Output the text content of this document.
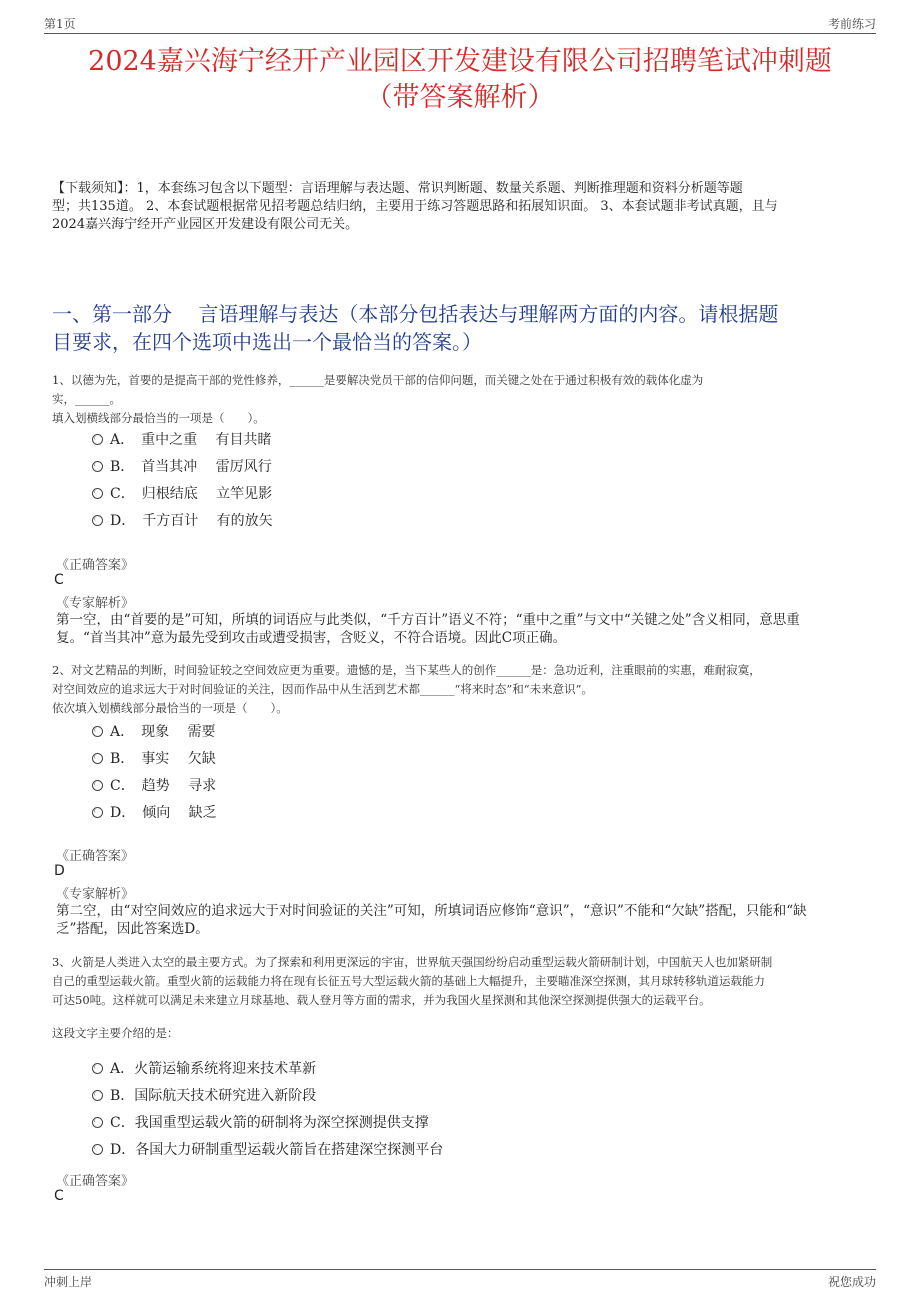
第1页	考前练习
2024嘉兴海宁经开产业园区开发建设有限公司招聘笔试冲刺题
（带答案解析）
【下载须知】：1，本套练习包含以下题型：言语理解与表达题、常识判断题、数量关系题、判断推理题和资料分析题等题
型；共135道。 2、本套试题根据常见招考题总结归纳，主要用于练习答题思路和拓展知识面。 3、本套试题非考试真题，且与
2024嘉兴海宁经开产业园区开发建设有限公司无关。
一、第一部分　 言语理解与表达（本部分包括表达与理解两方面的内容。请根据题
目要求，在四个选项中选出一个最恰当的答案。）
1、以德为先，首要的是提高干部的党性修养，______是要解决党员干部的信仰问题，而关键之处在于通过积极有效的载体化虚为
实，______。
填入划横线部分最恰当的一项是（　　）。
A．　重中之重　 有目共睹
B．　首当其冲　 雷厉风行
C．　归根结底　 立竿见影
D．　千方百计　 有的放矢
《正确答案》
C
《专家解析》
第一空，由“首要的是”可知，所填的词语应与此类似，“千方百计”语义不符；“重中之重”与文中“关键之处”含义相同，意思重
复。“首当其冲”意为最先受到攻击或遭受损害，含贬义，不符合语境。因此C项正确。
2、对文艺精品的判断，时间验证较之空间效应更为重要。遗憾的是，当下某些人的创作______是：急功近利，注重眼前的实惠，难耐寂寞，
对空间效应的追求远大于对时间验证的关注，因而作品中从生活到艺术都______“将来时态”和“未来意识”。
依次填入划横线部分最恰当的一项是（　　）。
A．　现象　 需要
B．　事实　 欠缺
C．　趋势　 寻求
D．　倾向　 缺乏
《正确答案》
D
《专家解析》
第二空，由“对空间效应的追求远大于对时间验证的关注”可知，所填词语应修饰“意识”，“意识”不能和“欠缺”搭配，只能和“缺
乏”搭配，因此答案选D。
3、火箭是人类进入太空的最主要方式。为了探索和利用更深远的宇宙，世界航天强国纷纷启动重型运载火箭研制计划，中国航天人也加紧研制
自己的重型运载火箭。重型火箭的运载能力将在现有长征五号大型运载火箭的基础上大幅提升，主要瞄准深空探测，其月球转移轨道运载能力
可达50吨。这样就可以满足未来建立月球基地、载人登月等方面的需求，并为我国火星探测和其他深空探测提供强大的运载平台。
这段文字主要介绍的是：
A．火箭运输系统将迎来技术革新
B．国际航天技术研究进入新阶段
C．我国重型运载火箭的研制将为深空探测提供支撑
D．各国大力研制重型运载火箭旨在搭建深空探测平台
《正确答案》
C
冲刺上岸	祝您成功
